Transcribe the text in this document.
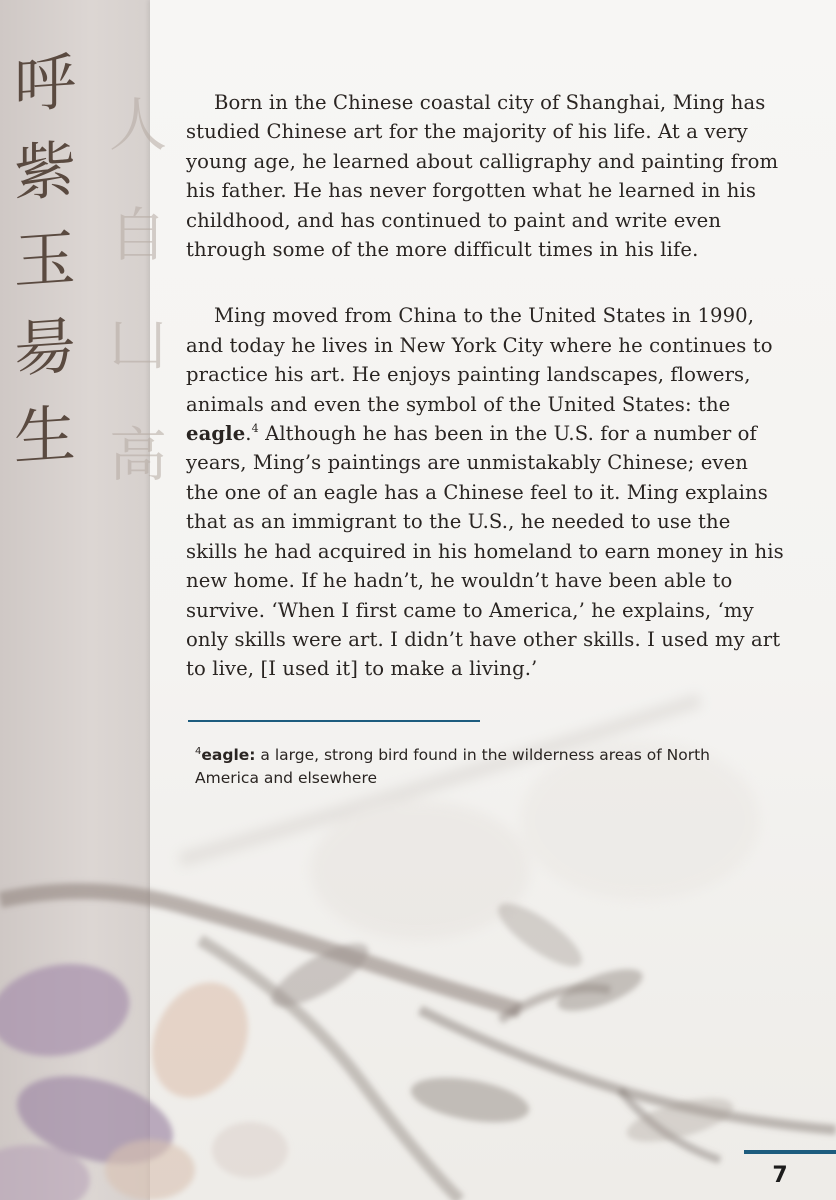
呼
紫
玉
昜
生
人
自
凵
高

Born in the Chinese coastal city of Shanghai, Ming has studied Chinese art for the majority of his life. At a very young age, he learned about calligraphy and painting from his father. He has never forgotten what he learned in his childhood, and has continued to paint and write even through some of the more difficult times in his life.

Ming moved from China to the United States in 1990, and today he lives in New York City where he continues to practice his art. He enjoys painting landscapes, flowers, animals and even the symbol of the United States: the eagle.$^4$ Although he has been in the U.S. for a number of years, Ming’s paintings are unmistakably Chinese; even the one of an eagle has a Chinese feel to it. Ming explains that as an immigrant to the U.S., he needed to use the skills he had acquired in his homeland to earn money in his new home. If he hadn’t, he wouldn’t have been able to survive. ‘When I first came to America,’ he explains, ‘my only skills were art. I didn’t have other skills. I used my art to live, [I used it] to make a living.’

$^4$eagle: a large, strong bird found in the wilderness areas of North America and elsewhere
7
